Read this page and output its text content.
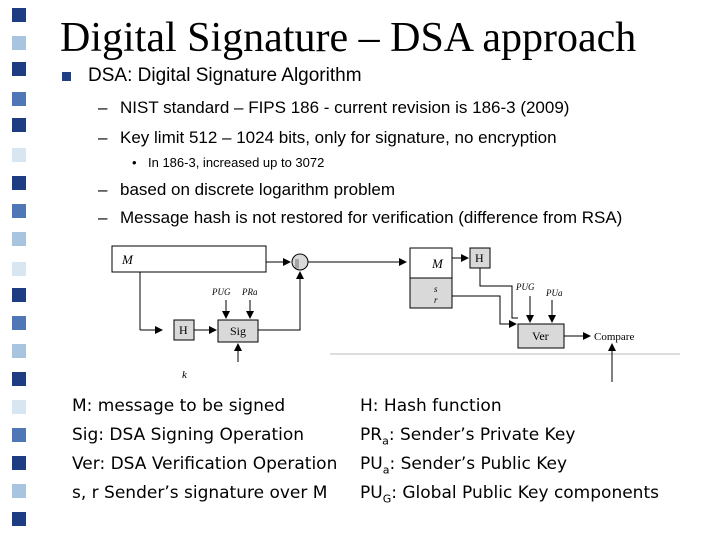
Digital Signature – DSA approach
DSA: Digital Signature Algorithm
– NIST standard – FIPS 186 - current revision is 186-3 (2009)
– Key limit 512 – 1024 bits, only for signature, no encryption
• In 186-3, increased up to 3072
– based on discrete logarithm problem
– Message hash is not restored for verification (difference from RSA)
M	||
H	Sig
PUG PRa
k
M
s
r
H
PUG
PUa
Ver	Compare
M: message to be signed
Sig: DSA Signing Operation
Ver: DSA Verification Operation
s, r Sender’s signature over M
H: Hash function
$PR_a$: Sender’s Private Key
$PU_a$: Sender’s Public Key
$PU_G$: Global Public Key components
